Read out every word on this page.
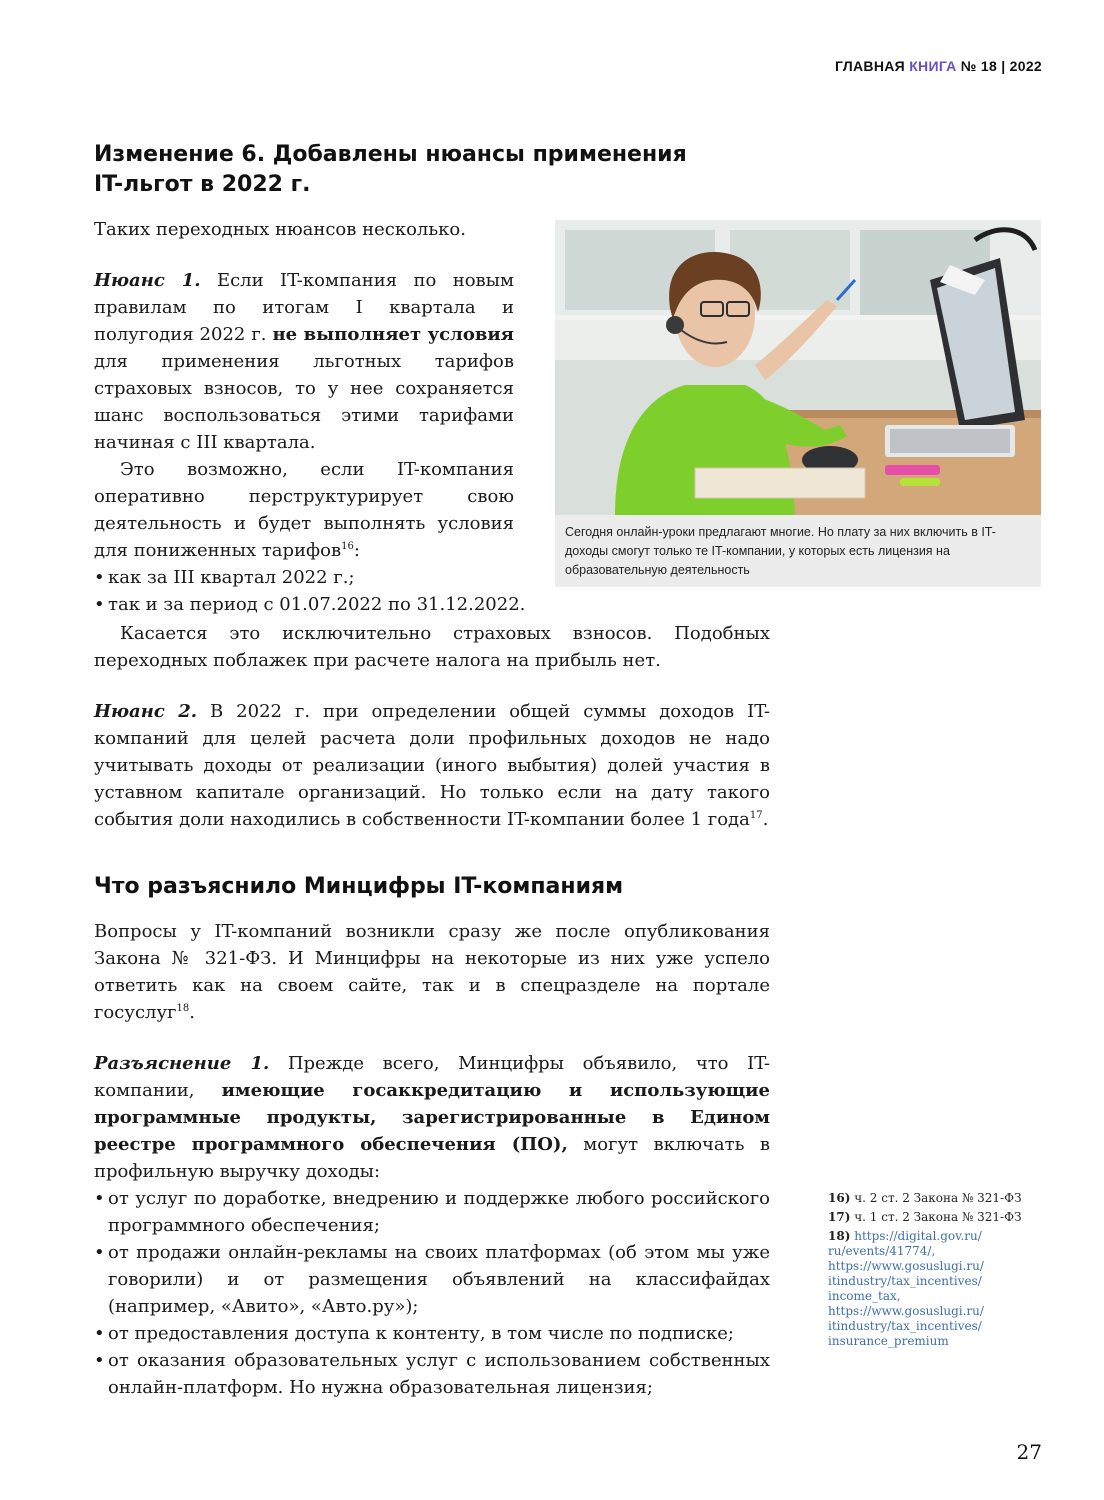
ГЛАВНАЯ КНИГА № 18 | 2022
Изменение 6. Добавлены нюансы применения
IT-льгот в 2022 г.

Таких переходных нюансов несколько.

Нюанс 1. Если IT-компания по новым правилам по итогам I квартала и полугодия 2022 г. не выполняет условия для применения льготных тарифов страховых взносов, то у нее сохраняется шанс воспользоваться этими тарифами начиная с III квартала.

Это возможно, если IT-компания оперативно перструктурирует свою деятельность и будет выполнять условия для пониженных тарифов$^{16}$:

• как за III квартал 2022 г.;
• так и за период с 01.07.2022 по 31.12.2022.

Касается это исключительно страховых взносов. Подобных переходных поблажек при расчете налога на прибыль нет.

Нюанс 2. В 2022 г. при определении общей суммы доходов IT-компаний для целей расчета доли профильных доходов не надо учитывать доходы от реализации (иного выбытия) долей участия в уставном капитале организаций. Но только если на дату такого события доли находились в собственности IT-компании более 1 года$^{17}$.

Что разъяснило Минцифры IT-компаниям

Вопросы у IT-компаний возникли сразу же после опубликования Закона № 321-ФЗ. И Минцифры на некоторые из них уже успело ответить как на своем сайте, так и в спецразделе на портале госуслуг$^{18}$.

Разъяснение 1. Прежде всего, Минцифры объявило, что IT-компании, имеющие госаккредитацию и использующие программные продукты, зарегистрированные в Едином реестре программного обеспечения (ПО), могут включать в профильную выручку доходы:

• от услуг по доработке, внедрению и поддержке любого российского программного обеспечения;
• от продажи онлайн-рекламы на своих платформах (об этом мы уже говорили) и от размещения объявлений на классифайдах (например, «Авито», «Авто.ру»);
• от предоставления доступа к контенту, в том числе по подписке;
• от оказания образовательных услуг с использованием собственных онлайн-платформ. Но нужна образовательная лицензия;
Сегодня онлайн-уроки предлагают многие. Но плату за них включить в IT-доходы смогут только те IT-компании, у которых есть лицензия на образовательную деятельность
16) ч. 2 ст. 2 Закона № 321-ФЗ
17) ч. 1 ст. 2 Закона № 321-ФЗ
18) https://digital.gov.ru/
ru/events/41774/,
https://www.gosuslugi.ru/
itindustry/tax_incentives/
income_tax,
https://www.gosuslugi.ru/
itindustry/tax_incentives/
insurance_premium
27
